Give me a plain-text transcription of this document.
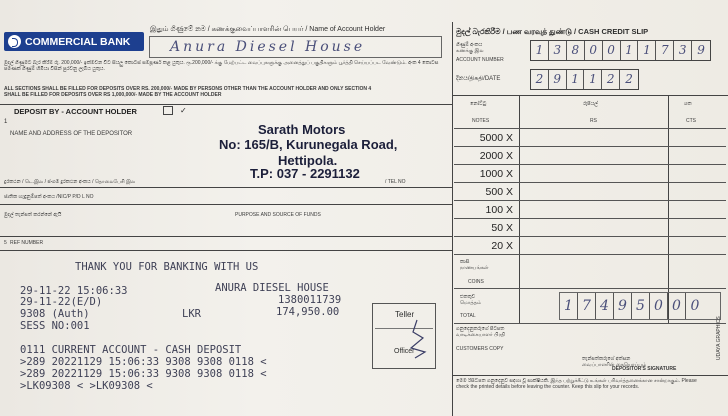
COMMERCIAL BANK
இதும் ගිණුමේ නම / கணக்குவைப்பாளரின் பெயர் / Name of Account Holder
Anura Diesel House
මුදල් ගිණුමට බැර කිරීම් රු. 200,000/- ඉක්මවන විට සියලු කොටස් සම්පූර්ණ කළ යුතුය. ரூ.200,000/- க்கு மேற்பட்ட வைப்புகளுக்கு அனைத்துப் பகுதிகளும் பூர்த்தி செய்யப்பட வேண்டும். අංක 4 කොටස පමණක් ගිණුම් හිමියා විසින් පුරවනු ලැබිය යුතුය.
ALL SECTIONS SHALL BE FILLED FOR DEPOSITS OVER RS. 200,000/- MADE BY PERSONS OTHER THAN THE ACCOUNT HOLDER AND ONLY SECTION 4
SHALL BE FILLED FOR DEPOSITS OVER RS 1,000,000/- MADE BY THE ACCOUNT HOLDER
DEPOSIT BY - ACCOUNT HOLDER	✓
1
NAME AND ADDRESS OF THE DEPOSITOR	Sarath Motors
No: 165/B, Kurunegala Road,
Hettipola.
T.P: 037 - 2291132
දුරකථන / டெ.இல / ජංගම දුරකථන අංකය / தொலைபேசி இல	/ TEL NO
ජාතික හැඳුනුම්පත් අංකය /NIC/P P/D L NO
මුදල් තැන්පත් කරන්නේ ඇයි	PURPOSE AND SOURCE OF FUNDS
5 REF NUMBER
THANK YOU FOR BANKING WITH US
29-11-22 15:06:33	ANURA DIESEL HOUSE
29-11-22(E/D)	1380011739
9308 (Auth)	LKR	174,950.00
SESS NO:001
0111 CURRENT ACCOUNT - CASH DEPOSIT
>289 20221129 15:06:33 9308 9308 0118 <
>289 20221129 15:06:33 9308 9308 0118 <
>LK09308 < >LK09308 <
Teller
Officer
මුදල් බැරකිරීම / பண வரவுத் துண்டு / CASH CREDIT SLIP
ගිණුම් අංකය
கணக்கு இல
ACCOUNT NUMBER
1 3 8 0 0 1 1 7 3 9
දිනය/திகதி/DATE	2 9 1 1 2 2
නෝට්ටු
NOTES
රුපියල්
RS
ශත
CTS
5000 X
2000 X
1000 X
500 X
100 X
50 X
20 X
කාසි
நாணயங்கள்
COINS
එකතුව
மொத்தம்
TOTAL
1 7 4 9 5 0 0 0
ගනුදෙනුකරුගේ පිටපත
வாடிக்கையாளர் பிரதி
CUSTOMERS COPY
තැන්පත්කරුගේ අත්සන
வைப்பாளரின் கையொப்பம்
DEPOSITOR'S SIGNATURE
මෙම රිසිට්පත ගනුදෙනුව සඳහා වූ සාක්ෂියකි. இந்த பற்றுச்சீட்டு உங்கள் பரிவர்த்தனைக்கான சான்றாகும். Please check the printed details before leaving the counter. Keep this slip for your records.
UDAYA GRAPHICS
